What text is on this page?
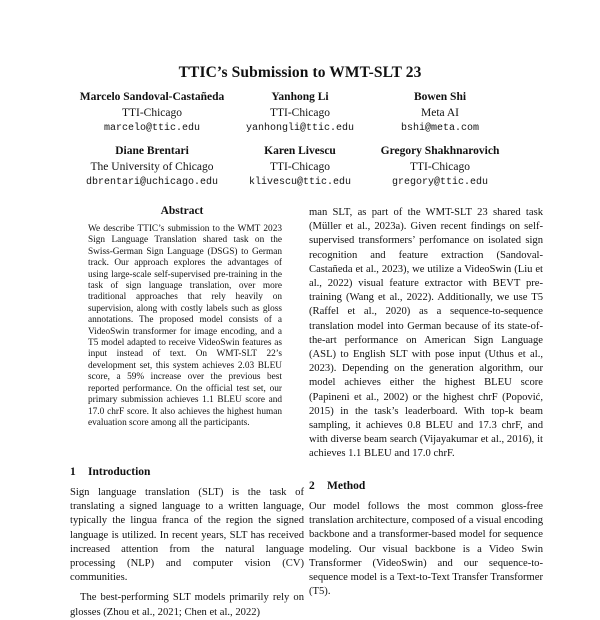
TTIC’s Submission to WMT-SLT 23
Marcelo Sandoval-Castañeda
TTI-Chicago
marcelo@ttic.edu
Yanhong Li
TTI-Chicago
yanhongli@ttic.edu
Bowen Shi
Meta AI
bshi@meta.com
Diane Brentari
The University of Chicago
dbrentari@uchicago.edu
Karen Livescu
TTI-Chicago
klivescu@ttic.edu
Gregory Shakhnarovich
TTI-Chicago
gregory@ttic.edu
Abstract
We describe TTIC’s submission to the WMT 2023 Sign Language Translation shared task on the Swiss-German Sign Language (DSGS) to German track. Our approach explores the advantages of using large-scale self-supervised pre-training in the task of sign language translation, over more traditional approaches that rely heavily on supervision, along with costly labels such as gloss annotations. The proposed model consists of a VideoSwin transformer for image encoding, and a T5 model adapted to receive VideoSwin features as input instead of text. On WMT-SLT 22’s development set, this system achieves 2.03 BLEU score, a 59% increase over the previous best reported performance. On the official test set, our primary submission achieves 1.1 BLEU score and 17.0 chrF score. It also achieves the highest human evaluation score among all the participants.
1 Introduction

Sign language translation (SLT) is the task of translating a signed language to a written language, typically the lingua franca of the region the signed language is utilized. In recent years, SLT has received increased attention from the natural language processing (NLP) and computer vision (CV) communities.

The best-performing SLT models primarily rely on glosses (Zhou et al., 2021; Chen et al., 2022)

man SLT, as part of the WMT-SLT 23 shared task (Müller et al., 2023a). Given recent findings on self-supervised transformers’ perfomance on isolated sign recognition and feature extraction (Sandoval-Castañeda et al., 2023), we utilize a VideoSwin (Liu et al., 2022) visual feature extractor with BEVT pre-training (Wang et al., 2022). Additionally, we use T5 (Raffel et al., 2020) as a sequence-to-sequence translation model into German because of its state-of-the-art performance on American Sign Language (ASL) to English SLT with pose input (Uthus et al., 2023). Depending on the generation algorithm, our model achieves either the highest BLEU score (Papineni et al., 2002) or the highest chrF (Popović, 2015) in the task’s leaderboard. With top-k beam sampling, it achieves 0.8 BLEU and 17.3 chrF, and with diverse beam search (Vijayakumar et al., 2016), it achieves 1.1 BLEU and 17.0 chrF.

2 Method

Our model follows the most common gloss-free translation architecture, composed of a visual encoding backbone and a transformer-based model for sequence modeling. Our visual backbone is a Video Swin Transformer (VideoSwin) and our sequence-to-sequence model is a Text-to-Text Transfer Transformer (T5).
